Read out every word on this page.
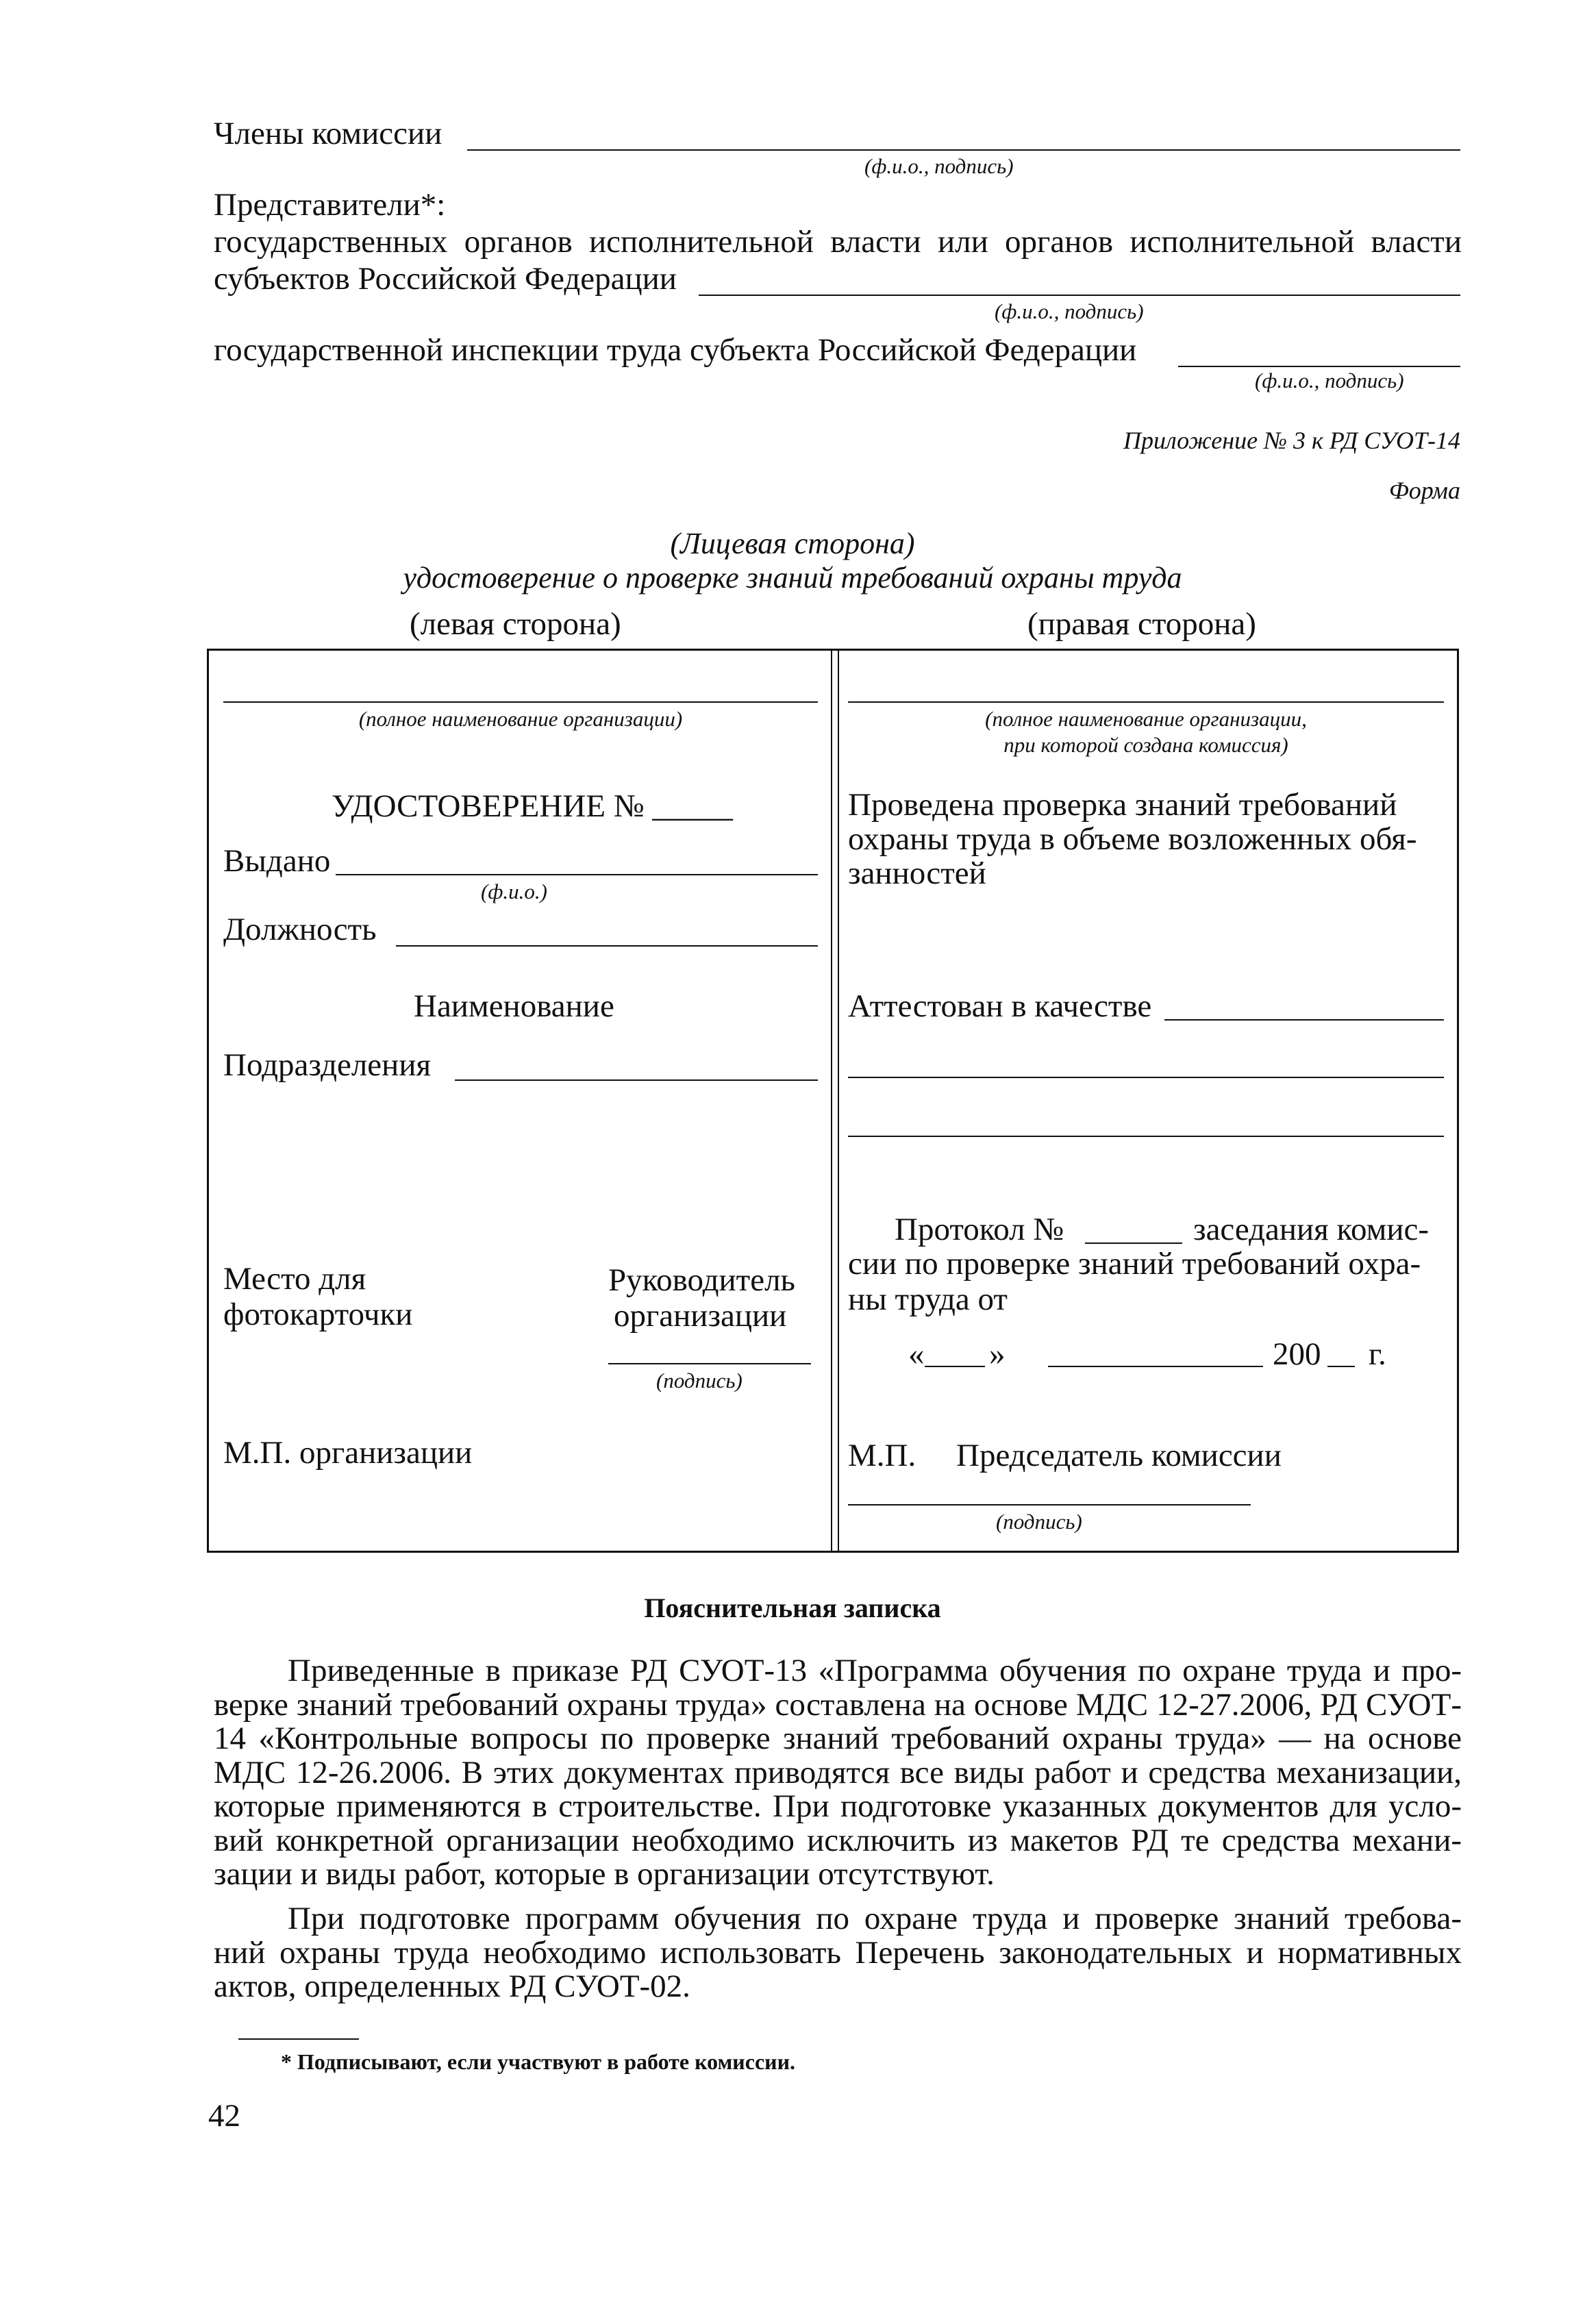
Члены комиссии
(ф.и.о., подпись)
Представители*:
государственных органов исполнительной власти или органов исполнительной власти
субъектов Российской Федерации
(ф.и.о., подпись)
государственной инспекции труда субъекта Российской Федерации
(ф.и.о., подпись)
Приложение № 3 к РД СУОТ-14
Форма
(Лицевая сторона)
удостоверение о проверке знаний требований охраны труда
(левая сторона)	(правая сторона)
(полное наименование организации)
УДОСТОВЕРЕНИЕ № _____
Выдано
(ф.и.о.)
Должность
Наименование
Подразделения
Место для
фотокарточки
Руководитель
организации
(подпись)
М.П. организации
(полное наименование организации,
при которой создана комиссия)
Проведена проверка знаний требований
охраны труда в объеме возложенных обя-
занностей
Аттестован в качестве
Протокол №	заседания комис-
сии по проверке знаний требований охра-
ны труда от
« »	200 г.
М.П. Председатель комиссии
(подпись)
Пояснительная записка
Приведенные в приказе РД СУОТ-13 «Программа обучения по охране труда и про-
верке знаний требований охраны труда» составлена на основе МДС 12-27.2006, РД СУОТ-
14 «Контрольные вопросы по проверке знаний требований охраны труда» — на основе
МДС 12-26.2006. В этих документах приводятся все виды работ и средства механизации,
которые применяются в строительстве. При подготовке указанных документов для усло-
вий конкретной организации необходимо исключить из макетов РД те средства механи-
зации и виды работ, которые в организации отсутствуют.
При подготовке программ обучения по охране труда и проверке знаний требова-
ний охраны труда необходимо использовать Перечень законодательных и нормативных
актов, определенных РД СУОТ-02.
* Подписывают, если участвуют в работе комиссии.
42
